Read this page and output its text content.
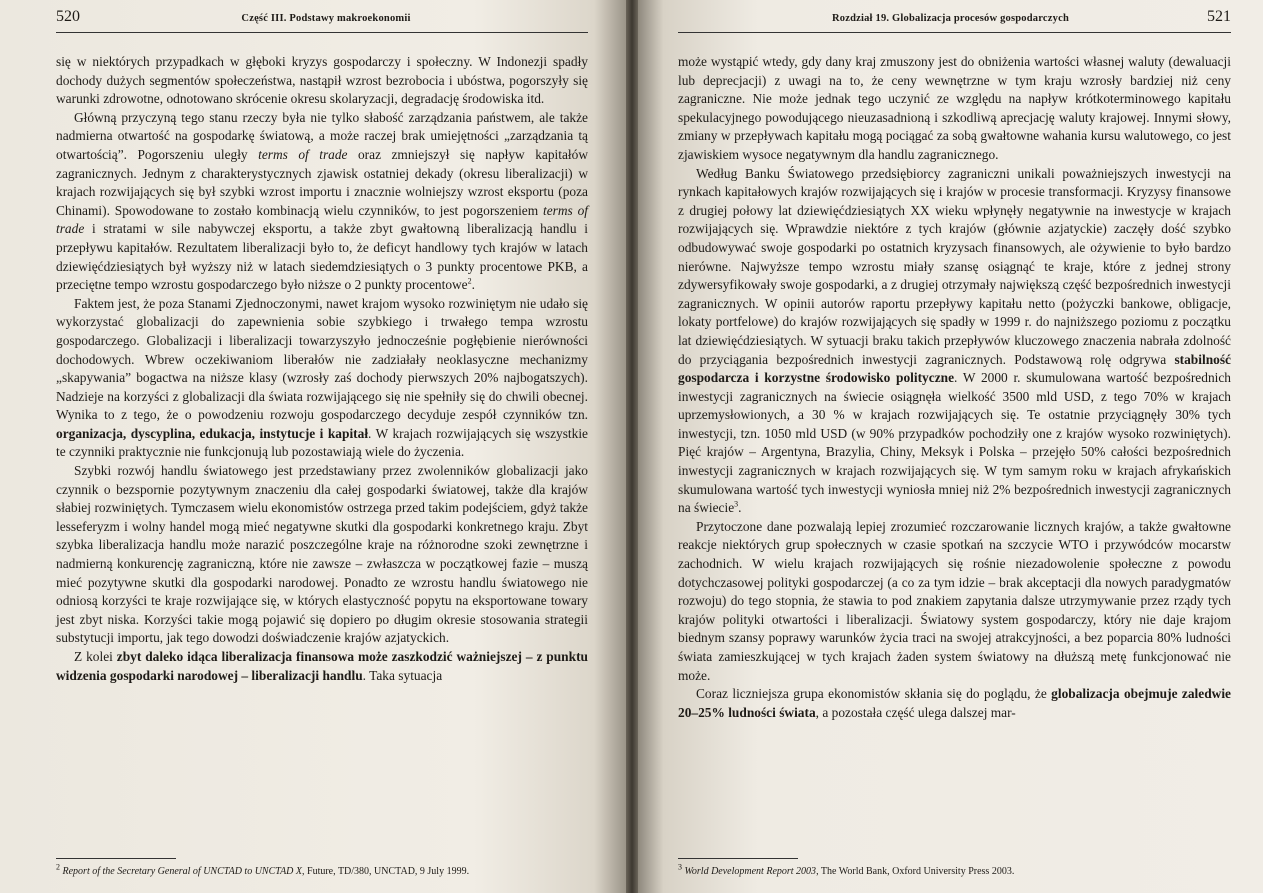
520	Część III. Podstawy makroekonomii

się w niektórych przypadkach w głęboki kryzys gospodarczy i społeczny. W Indonezji spadły dochody dużych segmentów społeczeństwa, nastąpił wzrost bezrobocia i ubóstwa, pogorszyły się warunki zdrowotne, odnotowano skrócenie okresu skolaryzacji, degradację środowiska itd.

Główną przyczyną tego stanu rzeczy była nie tylko słabość zarządzania państwem, ale także nadmierna otwartość na gospodarkę światową, a może raczej brak umiejętności „zarządzania tą otwartością”. Pogorszeniu uległy terms of trade oraz zmniejszył się napływ kapitałów zagranicznych. Jednym z charakterystycznych zjawisk ostatniej dekady (okresu liberalizacji) w krajach rozwijających się był szybki wzrost importu i znacznie wolniejszy wzrost eksportu (poza Chinami). Spowodowane to zostało kombinacją wielu czynników, to jest pogorszeniem terms of trade i stratami w sile nabywczej eksportu, a także zbyt gwałtowną liberalizacją handlu i przepływu kapitałów. Rezultatem liberalizacji było to, że deficyt handlowy tych krajów w latach dziewięćdziesiątych był wyższy niż w latach siedemdziesiątych o 3 punkty procentowe PKB, a przeciętne tempo wzrostu gospodarczego było niższe o 2 punkty procentowe$^2$.

Faktem jest, że poza Stanami Zjednoczonymi, nawet krajom wysoko rozwiniętym nie udało się wykorzystać globalizacji do zapewnienia sobie szybkiego i trwałego tempa wzrostu gospodarczego. Globalizacji i liberalizacji towarzyszyło jednocześnie pogłębienie nierówności dochodowych. Wbrew oczekiwaniom liberałów nie zadziałały neoklasyczne mechanizmy „skapywania” bogactwa na niższe klasy (wzrosły zaś dochody pierwszych 20% najbogatszych). Nadzieje na korzyści z globalizacji dla świata rozwijającego się nie spełniły się do chwili obecnej. Wynika to z tego, że o powodzeniu rozwoju gospodarczego decyduje zespół czynników tzn. organizacja, dyscyplina, edukacja, instytucje i kapitał. W krajach rozwijających się wszystkie te czynniki praktycznie nie funkcjonują lub pozostawiają wiele do życzenia.

Szybki rozwój handlu światowego jest przedstawiany przez zwolenników globalizacji jako czynnik o bezspornie pozytywnym znaczeniu dla całej gospodarki światowej, także dla krajów słabiej rozwiniętych. Tymczasem wielu ekonomistów ostrzega przed takim podejściem, gdyż także lesseferyzm i wolny handel mogą mieć negatywne skutki dla gospodarki konkretnego kraju. Zbyt szybka liberalizacja handlu może narazić poszczególne kraje na różnorodne szoki zewnętrzne i nadmierną konkurencję zagraniczną, które nie zawsze – zwłaszcza w początkowej fazie – muszą mieć pozytywne skutki dla gospodarki narodowej. Ponadto ze wzrostu handlu światowego nie odniosą korzyści te kraje rozwijające się, w których elastyczność popytu na eksportowane towary jest zbyt niska. Korzyści takie mogą pojawić się dopiero po długim okresie stosowania strategii substytucji importu, jak tego dowodzi doświadczenie krajów azjatyckich.

Z kolei zbyt daleko idąca liberalizacja finansowa może zaszkodzić ważniejszej – z punktu widzenia gospodarki narodowej – liberalizacji handlu. Taka sytuacja

$^2$ Report of the Secretary General of UNCTAD to UNCTAD X, Future, TD/380, UNCTAD, 9 July 1999.

Rozdział 19. Globalizacja procesów gospodarczych	521

może wystąpić wtedy, gdy dany kraj zmuszony jest do obniżenia wartości własnej waluty (dewaluacji lub deprecjacji) z uwagi na to, że ceny wewnętrzne w tym kraju wzrosły bardziej niż ceny zagraniczne. Nie może jednak tego uczynić ze względu na napływ krótkoterminowego kapitału spekulacyjnego powodującego nieuzasadnioną i szkodliwą aprecjację waluty krajowej. Innymi słowy, zmiany w przepływach kapitału mogą pociągać za sobą gwałtowne wahania kursu walutowego, co jest zjawiskiem wysoce negatywnym dla handlu zagranicznego.

Według Banku Światowego przedsiębiorcy zagraniczni unikali poważniejszych inwestycji na rynkach kapitałowych krajów rozwijających się i krajów w procesie transformacji. Kryzysy finansowe z drugiej połowy lat dziewięćdziesiątych XX wieku wpłynęły negatywnie na inwestycje w krajach rozwijających się. Wprawdzie niektóre z tych krajów (głównie azjatyckie) zaczęły dość szybko odbudowywać swoje gospodarki po ostatnich kryzysach finansowych, ale ożywienie to było bardzo nierówne. Najwyższe tempo wzrostu miały szansę osiągnąć te kraje, które z jednej strony zdywersyfikowały swoje gospodarki, a z drugiej otrzymały największą część bezpośrednich inwestycji zagranicznych. W opinii autorów raportu przepływy kapitału netto (pożyczki bankowe, obligacje, lokaty portfelowe) do krajów rozwijających się spadły w 1999 r. do najniższego poziomu z początku lat dziewięćdziesiątych. W sytuacji braku takich przepływów kluczowego znaczenia nabrała zdolność do przyciągania bezpośrednich inwestycji zagranicznych. Podstawową rolę odgrywa stabilność gospodarcza i korzystne środowisko polityczne. W 2000 r. skumulowana wartość bezpośrednich inwestycji zagranicznych na świecie osiągnęła wielkość 3500 mld USD, z tego 70% w krajach uprzemysłowionych, a 30 % w krajach rozwijających się. Te ostatnie przyciągnęły 30% tych inwestycji, tzn. 1050 mld USD (w 90% przypadków pochodziły one z krajów wysoko rozwiniętych). Pięć krajów – Argentyna, Brazylia, Chiny, Meksyk i Polska – przejęło 50% całości bezpośrednich inwestycji zagranicznych w krajach rozwijających się. W tym samym roku w krajach afrykańskich skumulowana wartość tych inwestycji wyniosła mniej niż 2% bezpośrednich inwestycji zagranicznych na świecie$^3$.

Przytoczone dane pozwalają lepiej zrozumieć rozczarowanie licznych krajów, a także gwałtowne reakcje niektórych grup społecznych w czasie spotkań na szczycie WTO i przywódców mocarstw zachodnich. W wielu krajach rozwijających się rośnie niezadowolenie społeczne z powodu dotychczasowej polityki gospodarczej (a co za tym idzie – brak akceptacji dla nowych paradygmatów rozwoju) do tego stopnia, że stawia to pod znakiem zapytania dalsze utrzymywanie przez rządy tych krajów polityki otwartości i liberalizacji. Światowy system gospodarczy, który nie daje krajom biednym szansy poprawy warunków życia traci na swojej atrakcyjności, a bez poparcia 80% ludności świata zamieszkującej w tych krajach żaden system światowy na dłuższą metę funkcjonować nie może.

Coraz liczniejsza grupa ekonomistów skłania się do poglądu, że globalizacja obejmuje zaledwie 20–25% ludności świata, a pozostała część ulega dalszej mar-

$^3$ World Development Report 2003, The World Bank, Oxford University Press 2003.
